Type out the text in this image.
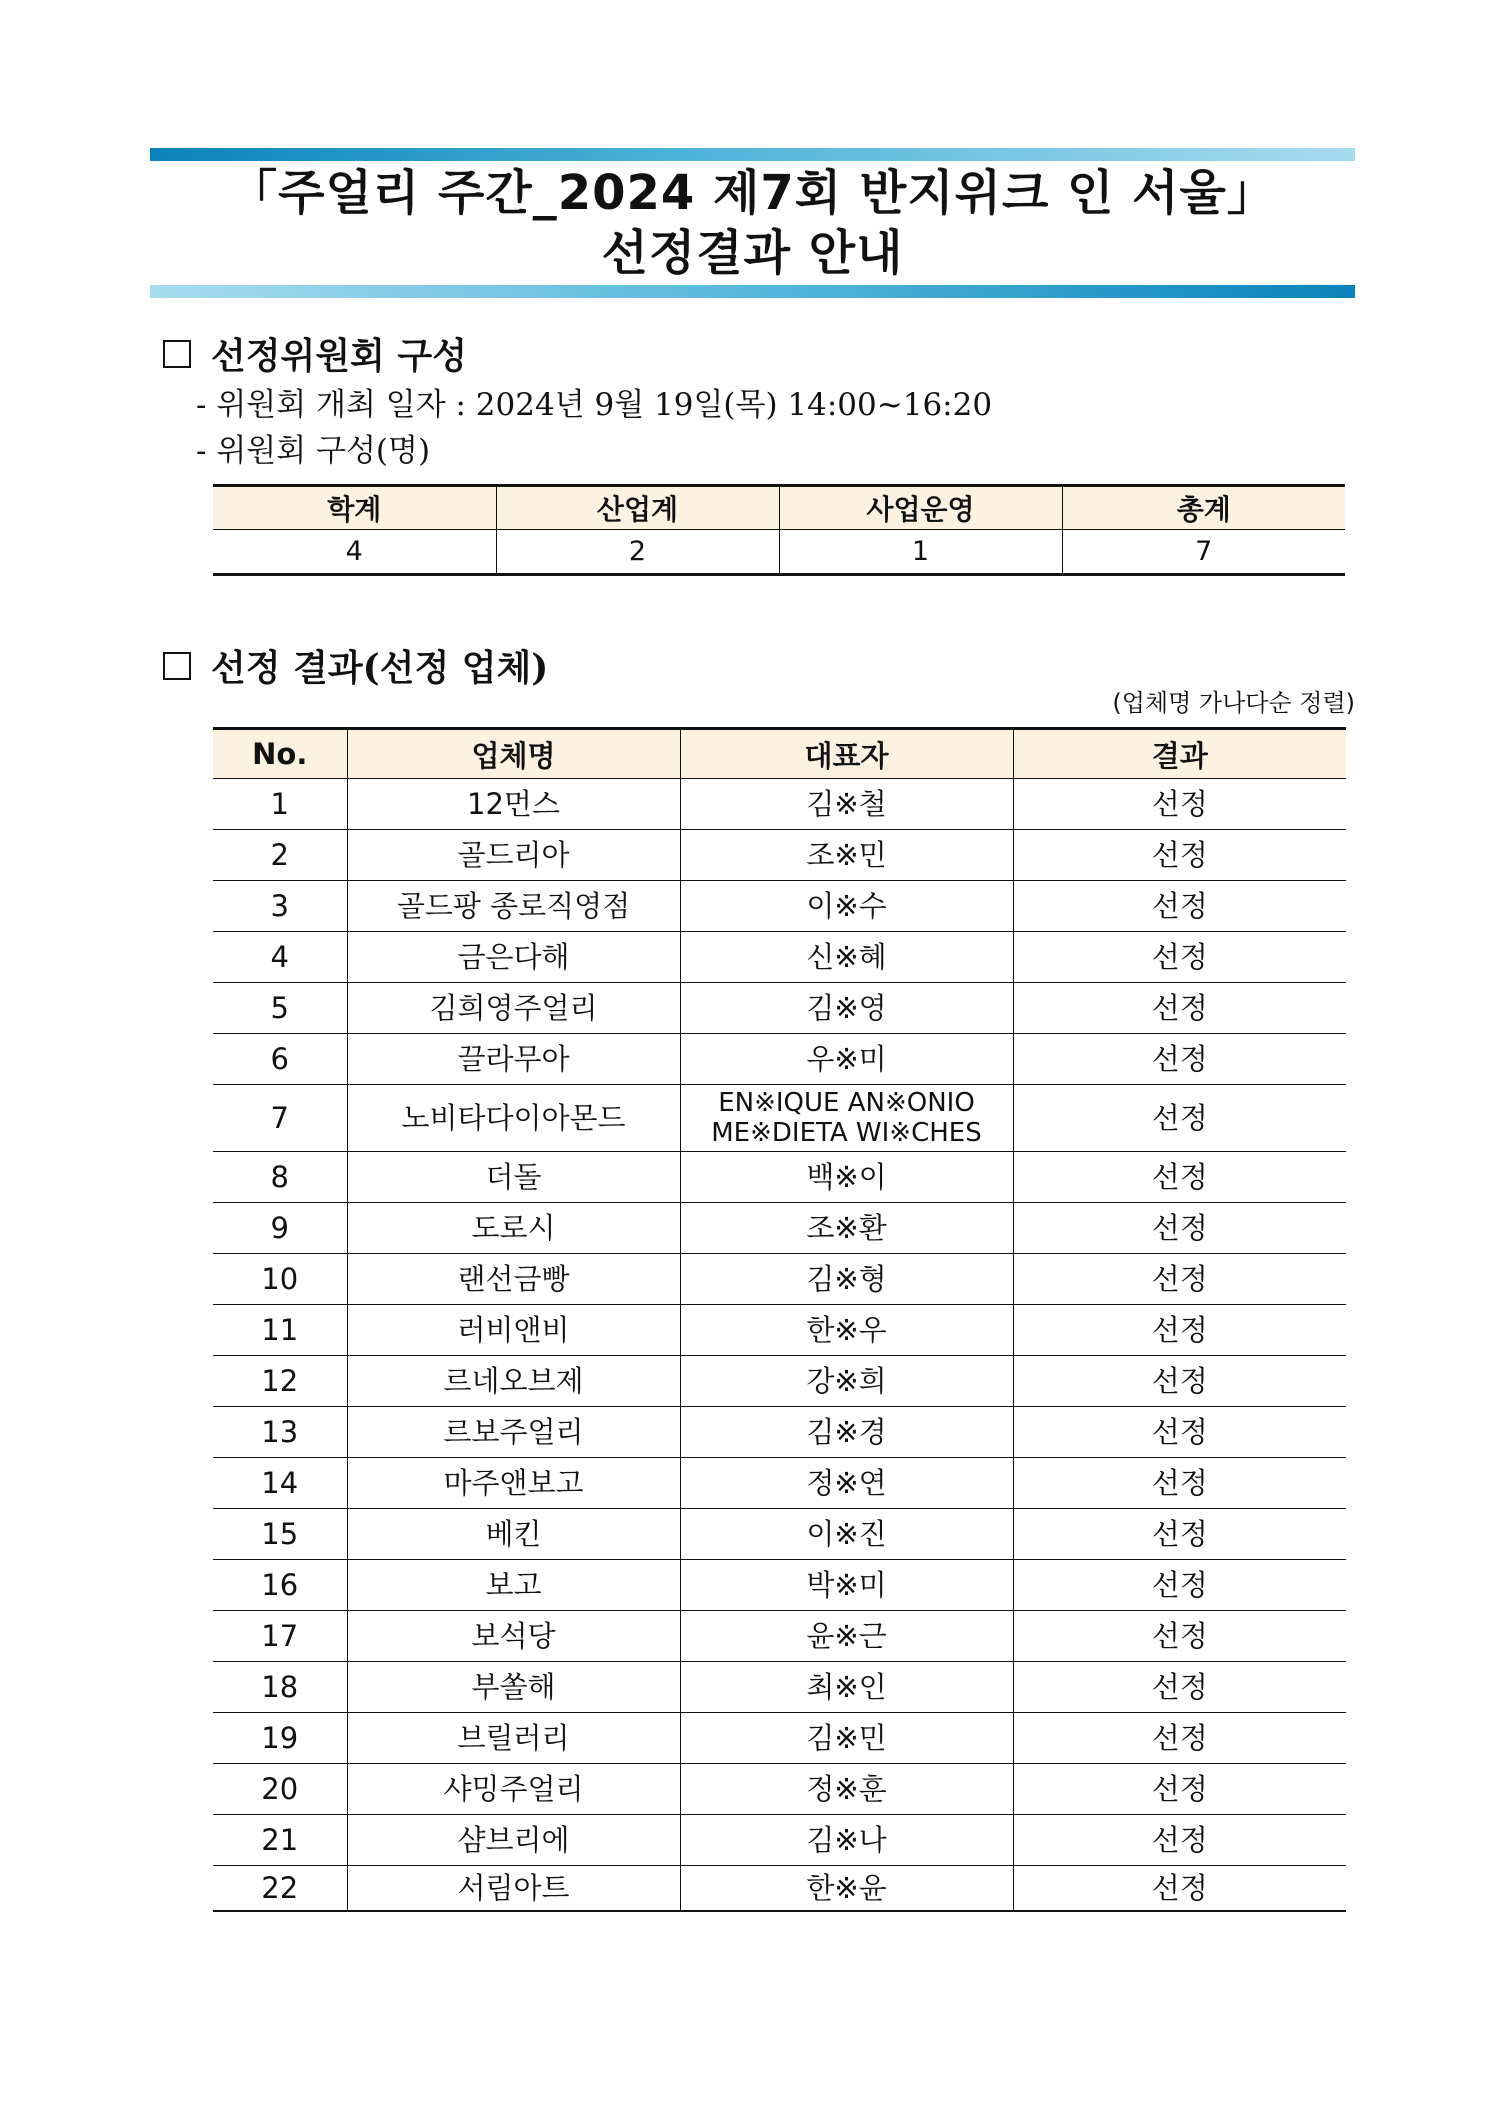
「주얼리 주간_2024 제7회 반지위크 인 서울」
선정결과 안내
선정위원회 구성
- 위원회 개최 일자 : 2024년 9월 19일(목) 14:00~16:20
- 위원회 구성(명)
학계	산업계	사업운영	총계
4	2	1	7
선정 결과(선정 업체)
(업체명 가나다순 정렬)
No.	업체명	대표자	결과
1	12먼스	김※철	선정
2	골드리아	조※민	선정
3	골드팡 종로직영점	이※수	선정
4	금은다해	신※혜	선정
5	김희영주얼리	김※영	선정
6	끌라무아	우※미	선정
7	노비타다이아몬드	EN※IQUE AN※ONIO
ME※DIETA WI※CHES	선정
8	더돌	백※이	선정
9	도로시	조※환	선정
10	랜선금빵	김※형	선정
11	러비앤비	한※우	선정
12	르네오브제	강※희	선정
13	르보주얼리	김※경	선정
14	마주앤보고	정※연	선정
15	베킨	이※진	선정
16	보고	박※미	선정
17	보석당	윤※근	선정
18	부쏠해	최※인	선정
19	브릴러리	김※민	선정
20	샤밍주얼리	정※훈	선정
21	샴브리에	김※나	선정
22	서림아트	한※윤	선정
